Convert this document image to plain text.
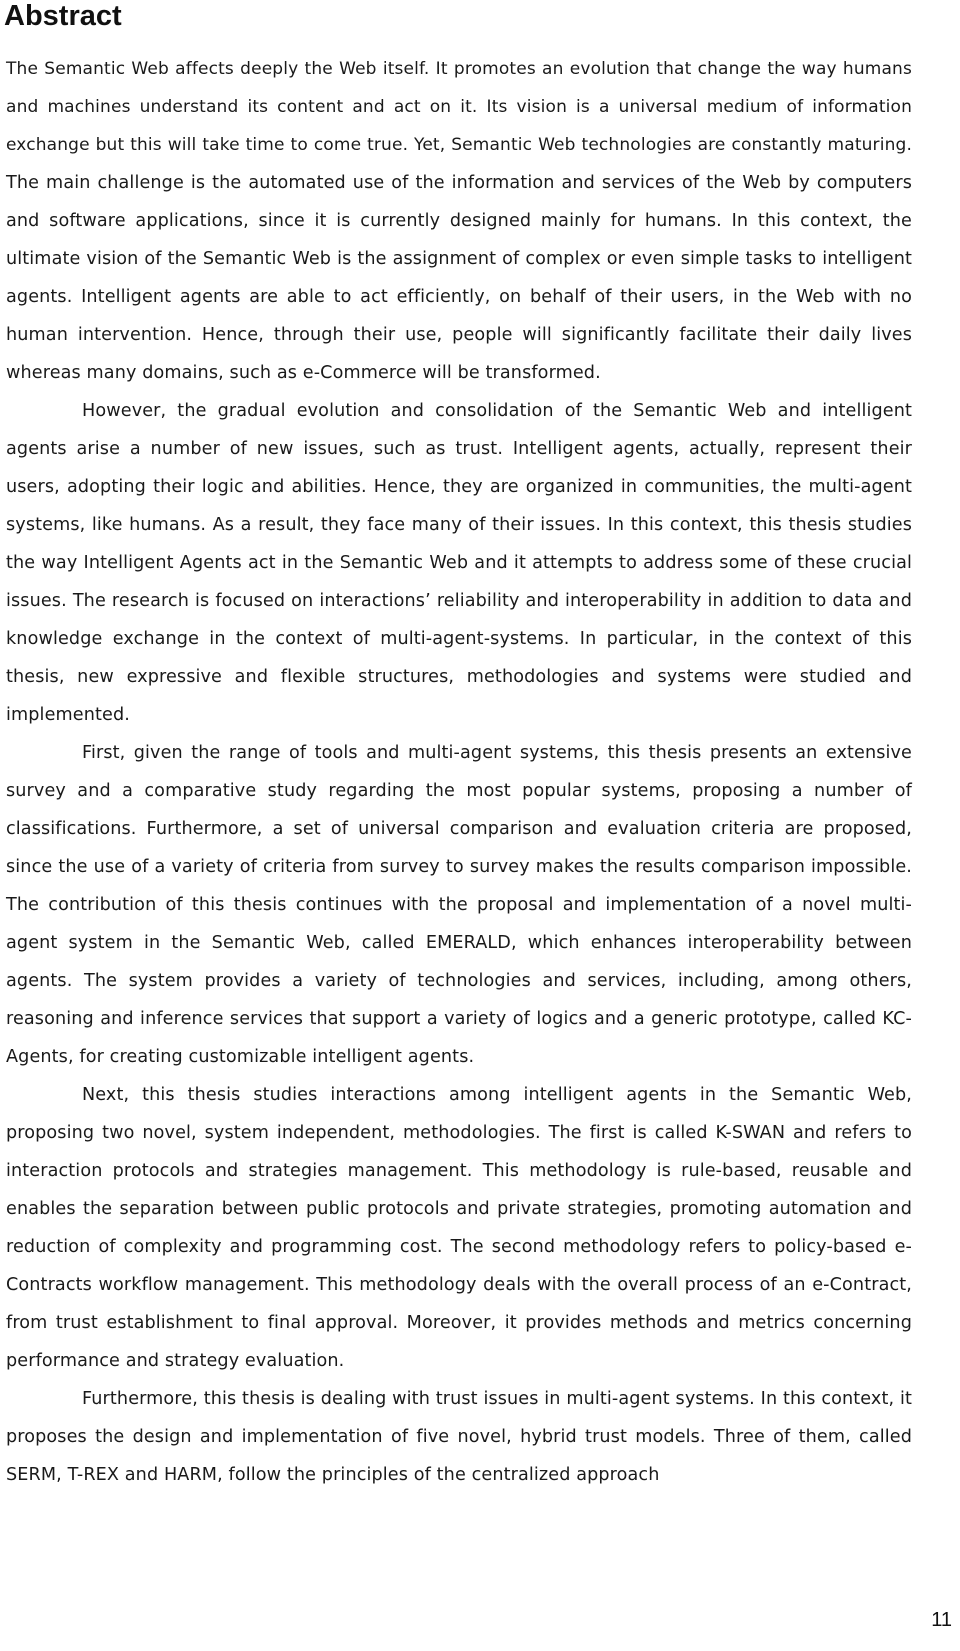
Abstract

The Semantic Web affects deeply the Web itself. It promotes an evolution that change the way humans and machines understand its content and act on it. Its vision is a universal medium of information exchange but this will take time to come true. Yet, Semantic Web technologies are constantly maturing. The main challenge is the automated use of the information and services of the Web by computers and software applications, since it is currently designed mainly for humans. In this context, the ultimate vision of the Semantic Web is the assignment of complex or even simple tasks to intelligent agents. Intelligent agents are able to act efficiently, on behalf of their users, in the Web with no human intervention. Hence, through their use, people will significantly facilitate their daily lives whereas many domains, such as e-Commerce will be transformed.

However, the gradual evolution and consolidation of the Semantic Web and intelligent agents arise a number of new issues, such as trust. Intelligent agents, actually, represent their users, adopting their logic and abilities. Hence, they are organized in communities, the multi-agent systems, like humans. As a result, they face many of their issues. In this context, this thesis studies the way Intelligent Agents act in the Semantic Web and it attempts to address some of these crucial issues. The research is focused on interactions’ reliability and interoperability in addition to data and knowledge exchange in the context of multi-agent-systems. In particular, in the context of this thesis, new expressive and flexible structures, methodologies and systems were studied and implemented.

First, given the range of tools and multi-agent systems, this thesis presents an extensive survey and a comparative study regarding the most popular systems, proposing a number of classifications. Furthermore, a set of universal comparison and evaluation criteria are proposed, since the use of a variety of criteria from survey to survey makes the results comparison impossible. The contribution of this thesis continues with the proposal and implementation of a novel multi-agent system in the Semantic Web, called EMERALD, which enhances interoperability between agents. The system provides a variety of technologies and services, including, among others, reasoning and inference services that support a variety of logics and a generic prototype, called KC-Agents, for creating customizable intelligent agents.

Next, this thesis studies interactions among intelligent agents in the Semantic Web, proposing two novel, system independent, methodologies. The first is called K-SWAN and refers to interaction protocols and strategies management. This methodology is rule-based, reusable and enables the separation between public protocols and private strategies, promoting automation and reduction of complexity and programming cost. The second methodology refers to policy-based e-Contracts workflow management. This methodology deals with the overall process of an e-Contract, from trust establishment to final approval. Moreover, it provides methods and metrics concerning performance and strategy evaluation.

Furthermore, this thesis is dealing with trust issues in multi-agent systems. In this context, it proposes the design and implementation of five novel, hybrid trust models. Three of them, called SERM, T-REX and HARM, follow the principles of the centralized approach

11
